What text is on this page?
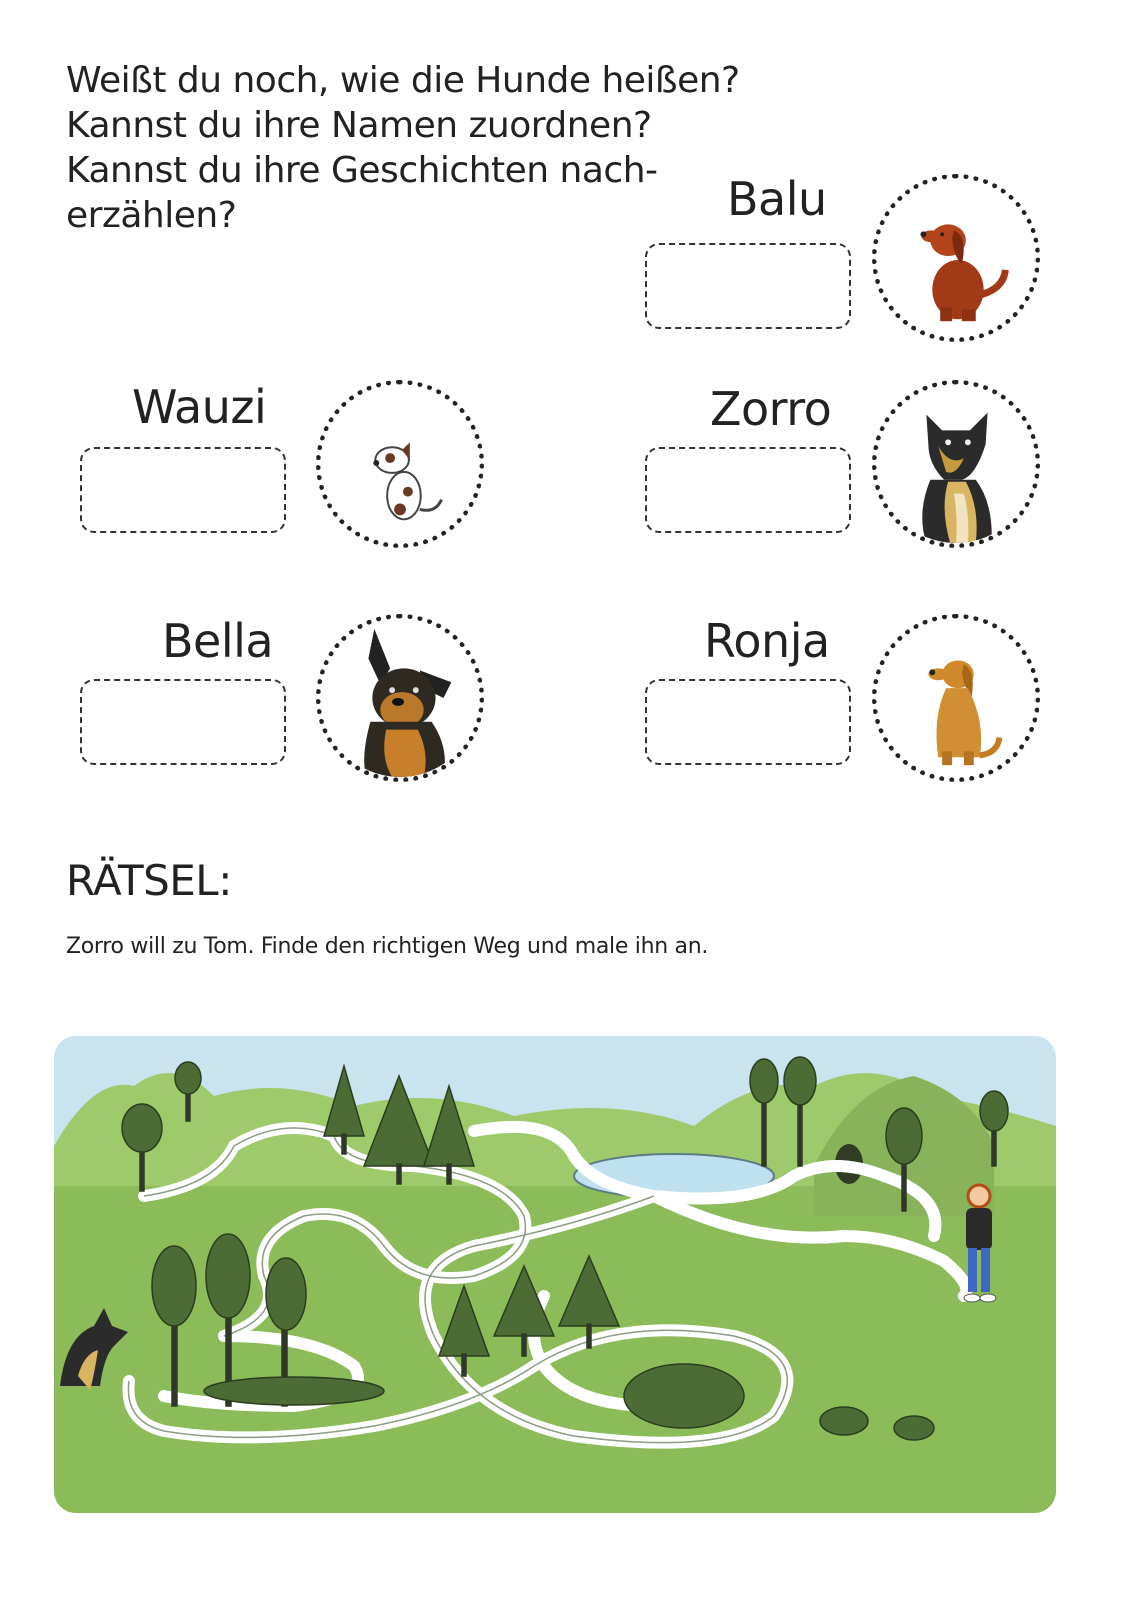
Weißt du noch, wie die Hunde heißen?
Kannst du ihre Namen zuordnen?
Kannst du ihre Geschichten nach-
erzählen?	Balu
Wauzi	Zorro
Bella	Ronja
RÄTSEL:
Zorro will zu Tom. Finde den richtigen Weg und male ihn an.
